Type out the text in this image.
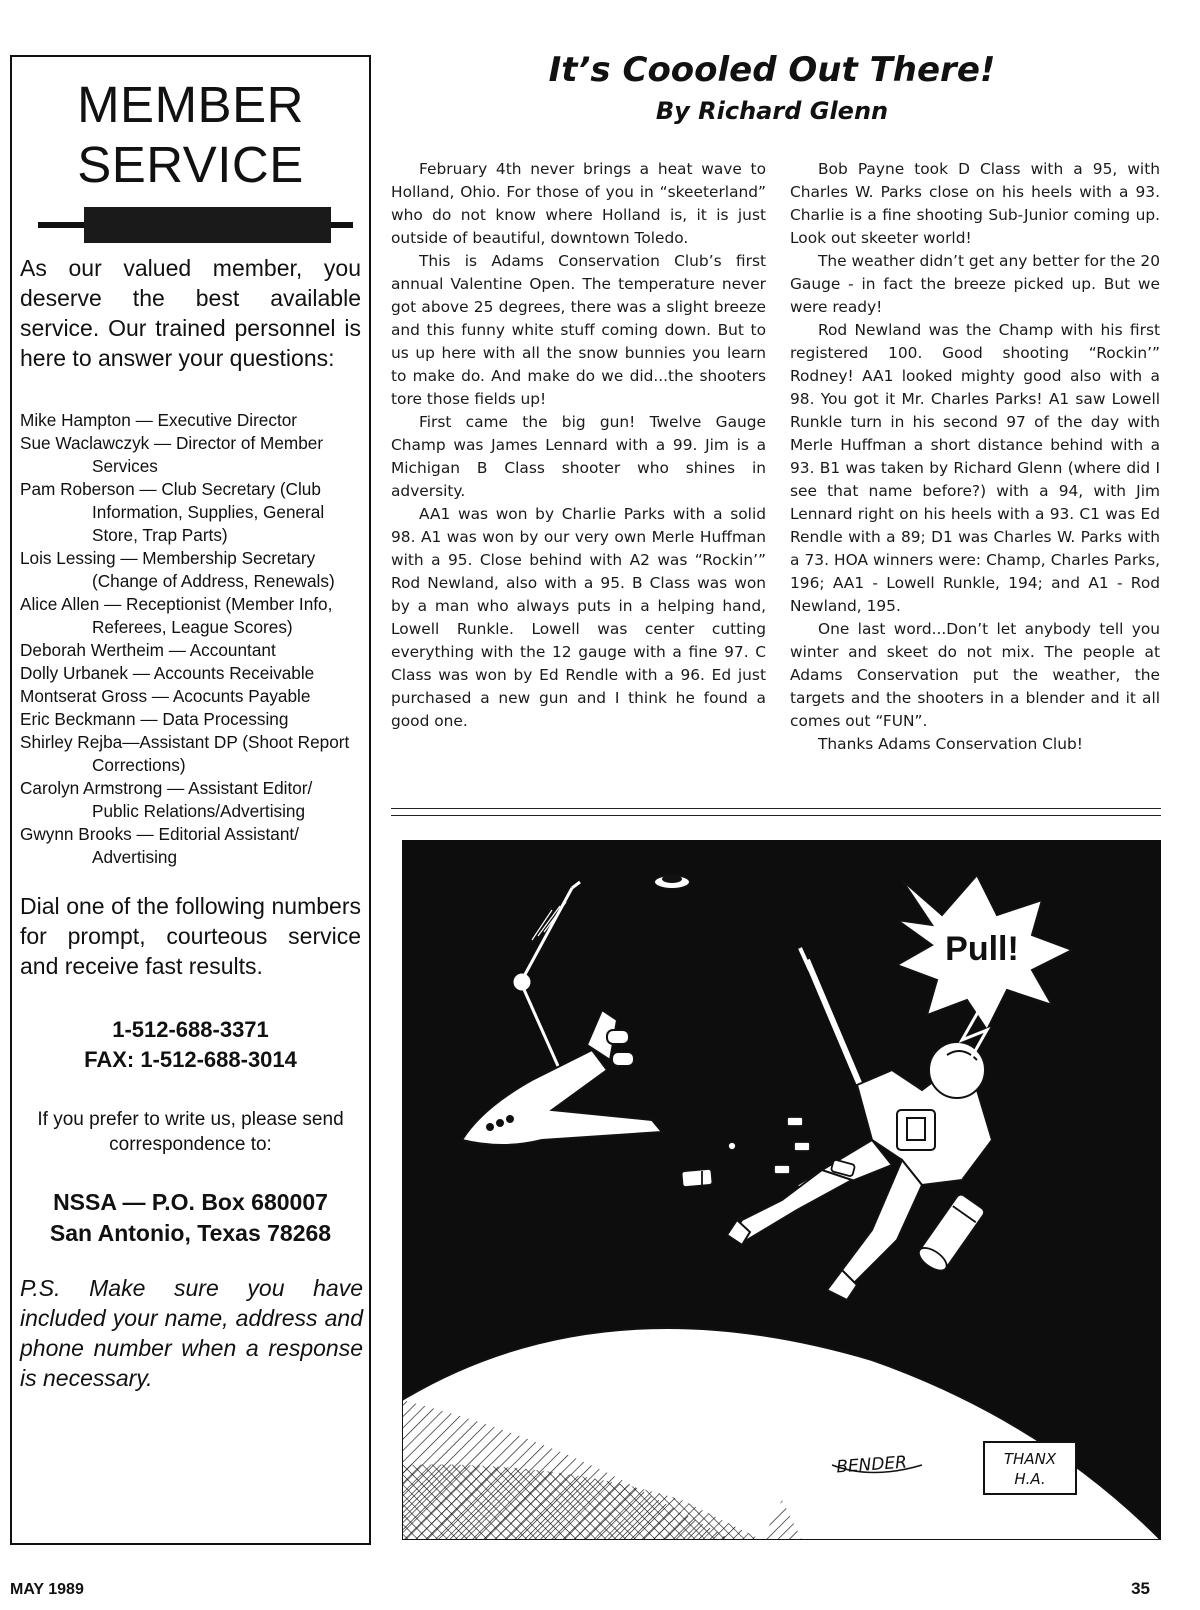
MEMBER
SERVICE

As our valued member, you deserve the best available service. Our trained personnel is here to answer your questions:

Mike Hampton — Executive Director
Sue Waclawczyk — Director of Member Services
Pam Roberson — Club Secretary (Club Information, Supplies, General Store, Trap Parts)
Lois Lessing — Membership Secretary (Change of Address, Renewals)
Alice Allen — Receptionist (Member Info, Referees, League Scores)
Deborah Wertheim — Accountant
Dolly Urbanek — Accounts Receivable
Montserat Gross — Acocunts Payable
Eric Beckmann — Data Processing
Shirley Rejba—Assistant DP (Shoot Report Corrections)
Carolyn Armstrong — Assistant Editor/ Public Relations/Advertising
Gwynn Brooks — Editorial Assistant/ Advertising

Dial one of the following numbers for prompt, courteous service and receive fast results.

1-512-688-3371

FAX: 1-512-688-3014

If you prefer to write us, please send correspondence to:

NSSA — P.O. Box 680007

San Antonio, Texas 78268

P.S. Make sure you have included your name, address and phone number when a response is necessary.

It’s Coooled Out There!
By Richard Glenn

February 4th never brings a heat wave to Holland, Ohio. For those of you in “skeeterland” who do not know where Holland is, it is just outside of beautiful, downtown Toledo.

This is Adams Conservation Club’s first annual Valentine Open. The temperature never got above 25 degrees, there was a slight breeze and this funny white stuff coming down. But to us up here with all the snow bunnies you learn to make do. And make do we did...the shooters tore those fields up!

First came the big gun! Twelve Gauge Champ was James Lennard with a 99. Jim is a Michigan B Class shooter who shines in adversity.

AA1 was won by Charlie Parks with a solid 98. A1 was won by our very own Merle Huffman with a 95. Close behind with A2 was “Rockin’” Rod Newland, also with a 95. B Class was won by a man who always puts in a helping hand, Lowell Runkle. Lowell was center cutting everything with the 12 gauge with a fine 97. C Class was won by Ed Rendle with a 96. Ed just purchased a new gun and I think he found a good one.

Bob Payne took D Class with a 95, with Charles W. Parks close on his heels with a 93. Charlie is a fine shooting Sub-Junior coming up. Look out skeeter world!

The weather didn’t get any better for the 20 Gauge - in fact the breeze picked up. But we were ready!

Rod Newland was the Champ with his first registered 100. Good shooting “Rockin’” Rodney! AA1 looked mighty good also with a 98. You got it Mr. Charles Parks! A1 saw Lowell Runkle turn in his second 97 of the day with Merle Huffman a short distance behind with a 93. B1 was taken by Richard Glenn (where did I see that name before?) with a 94, with Jim Lennard right on his heels with a 93. C1 was Ed Rendle with a 89; D1 was Charles W. Parks with a 73. HOA winners were: Champ, Charles Parks, 196; AA1 - Lowell Runkle, 194; and A1 - Rod Newland, 195.

One last word...Don’t let anybody tell you winter and skeet do not mix. The people at Adams Conservation put the weather, the targets and the shooters in a blender and it all comes out “FUN”.

Thanks Adams Conservation Club!

Pull!
BENDER	THANX
H.A.

MAY 1989	35
